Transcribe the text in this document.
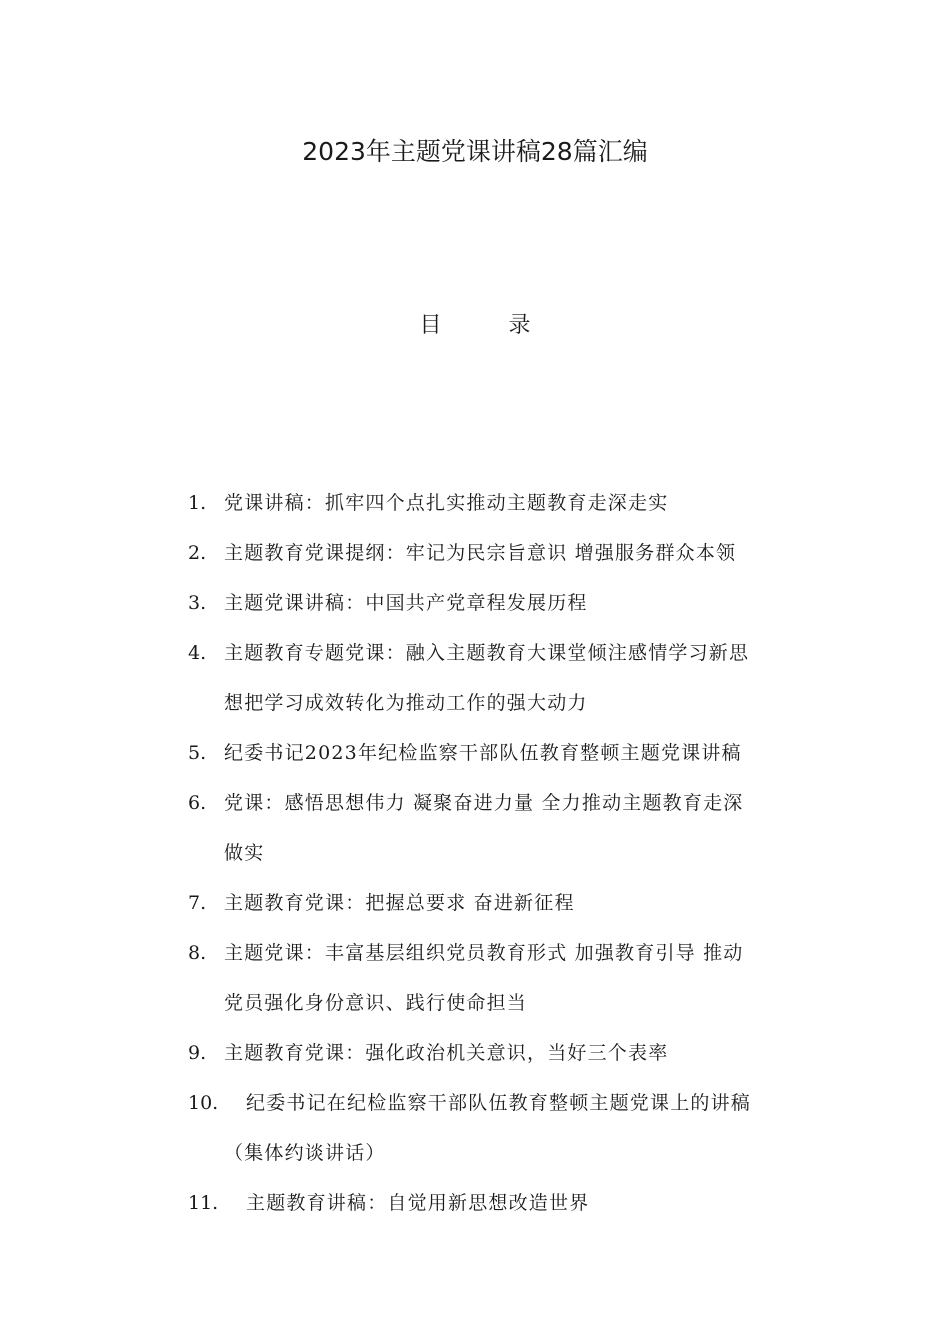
2023年主题党课讲稿28篇汇编
目 录
1. 党课讲稿：抓牢四个点扎实推动主题教育走深走实
2. 主题教育党课提纲：牢记为民宗旨意识 增强服务群众本领
3. 主题党课讲稿：中国共产党章程发展历程
4. 主题教育专题党课：融入主题教育大课堂倾注感情学习新思
想把学习成效转化为推动工作的强大动力
5. 纪委书记2023年纪检监察干部队伍教育整顿主题党课讲稿
6. 党课：感悟思想伟力 凝聚奋进力量 全力推动主题教育走深
做实
7. 主题教育党课：把握总要求 奋进新征程
8. 主题党课：丰富基层组织党员教育形式 加强教育引导 推动
党员强化身份意识、践行使命担当
9. 主题教育党课：强化政治机关意识，当好三个表率
10.	纪委书记在纪检监察干部队伍教育整顿主题党课上的讲稿
（集体约谈讲话）
11.	主题教育讲稿：自觉用新思想改造世界
